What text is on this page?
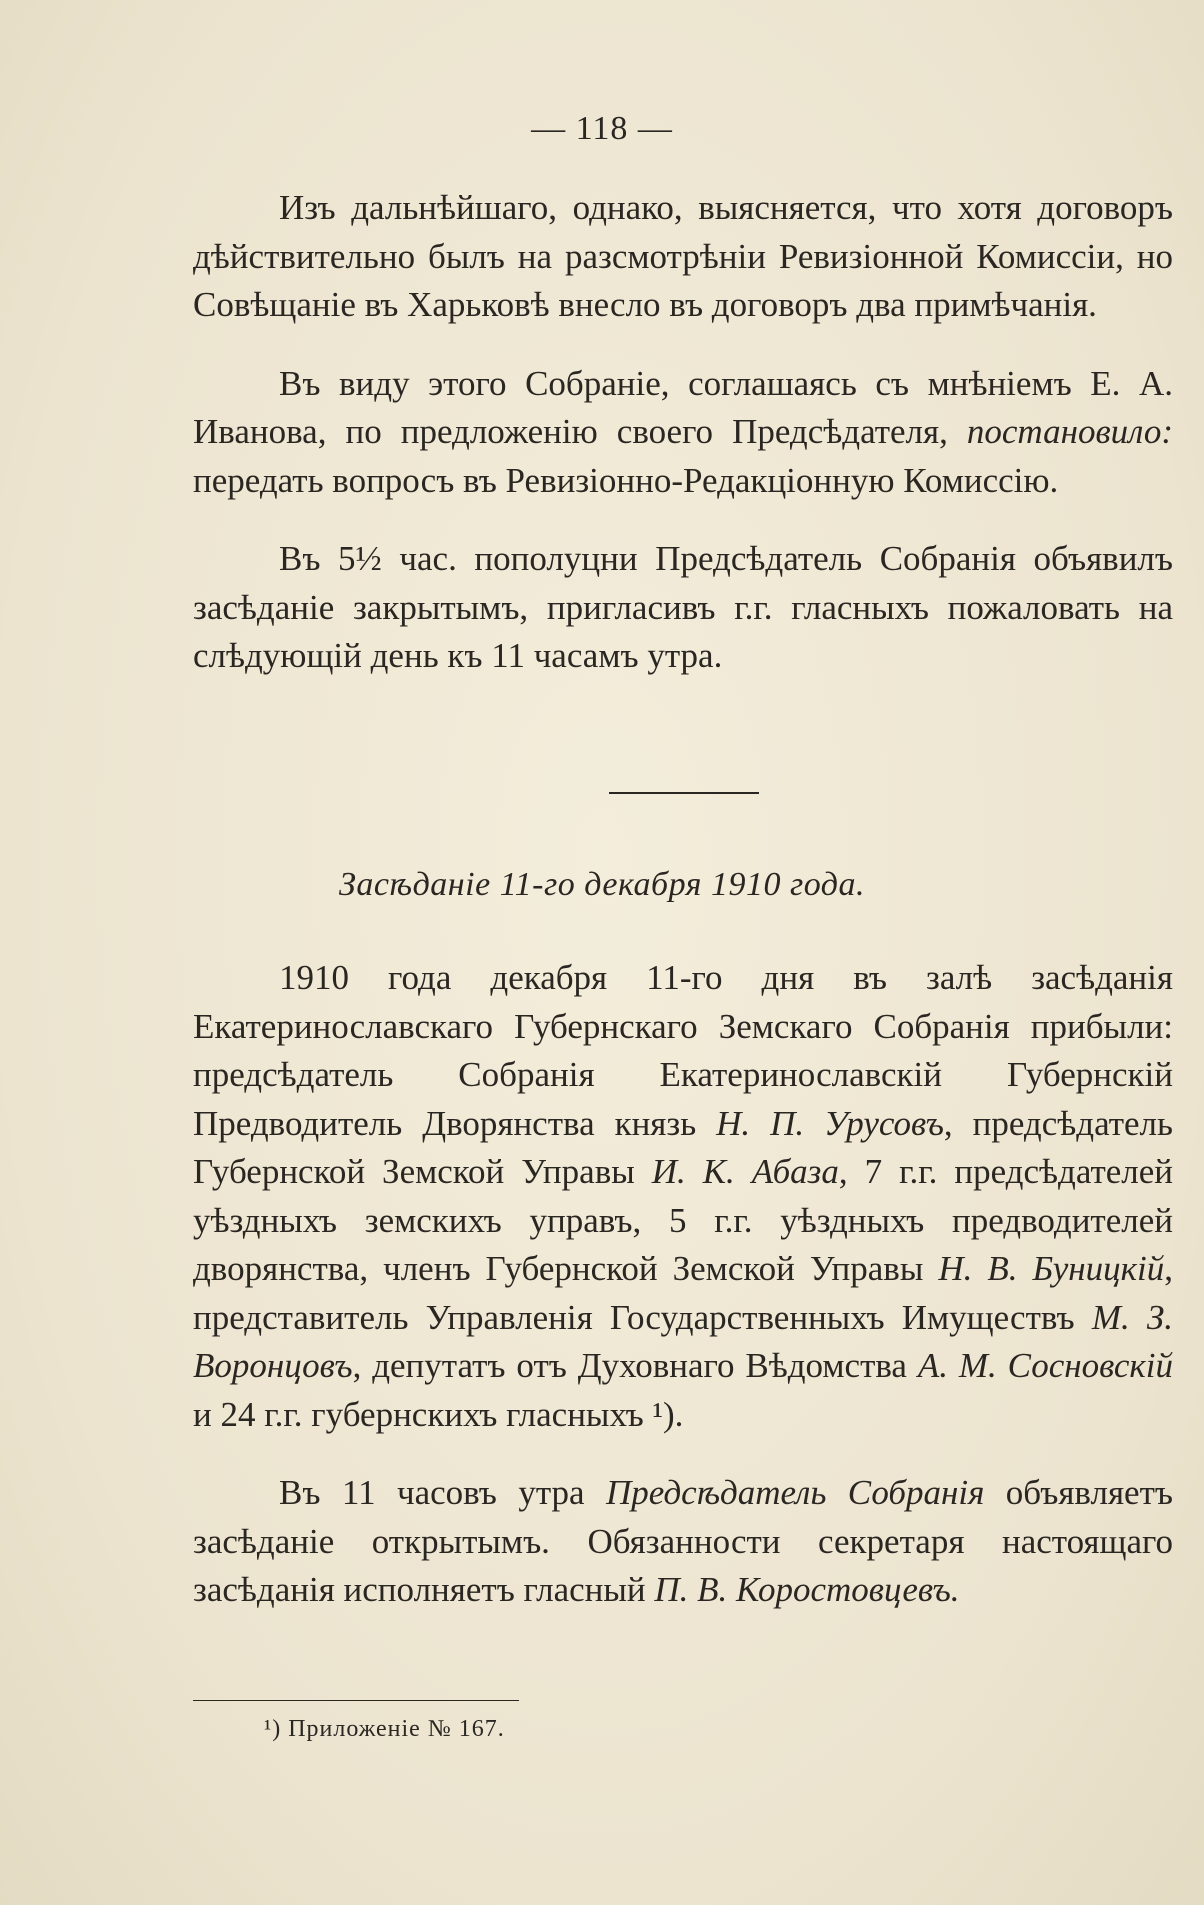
— 118 —

Изъ дальнѣйшаго, однако, выясняется, что хотя договоръ дѣйствительно былъ на разсмотрѣніи Ревизіонной Комиссіи, но Совѣщаніе въ Харьковѣ внесло въ договоръ два примѣчанія.

Въ виду этого Собраніе, соглашаясь съ мнѣніемъ Е. А. Иванова, по предложенію своего Предсѣдателя, постановило: передать вопросъ въ Ревизіонно-Редакціонную Комиссію.

Въ 5½ час. пополуцни Предсѣдатель Собранія объявилъ засѣданіе закрытымъ, пригласивъ г.г. гласныхъ пожаловать на слѣдующій день къ 11 часамъ утра.

Засѣданіе 11-го декабря 1910 года.

1910 года декабря 11-го дня въ залѣ засѣданія Екатеринославскаго Губернскаго Земскаго Собранія прибыли: предсѣдатель Собранія Екатеринославскій Губернскій Предводитель Дворянства князь Н. П. Урусовъ, предсѣдатель Губернской Земской Управы И. К. Абаза, 7 г.г. предсѣдателей уѣздныхъ земскихъ управъ, 5 г.г. уѣздныхъ предводителей дворянства, членъ Губернской Земской Управы Н. В. Буницкій, представитель Управленія Государственныхъ Имуществъ М. З. Воронцовъ, депутатъ отъ Духовнаго Вѣдомства А. М. Сосновскій и 24 г.г. губернскихъ гласныхъ ¹).

Въ 11 часовъ утра Предсѣдатель Собранія объявляетъ засѣданіе открытымъ. Обязанности секретаря настоящаго засѣданія исполняетъ гласный П. В. Коростовцевъ.

¹) Приложеніе № 167.
